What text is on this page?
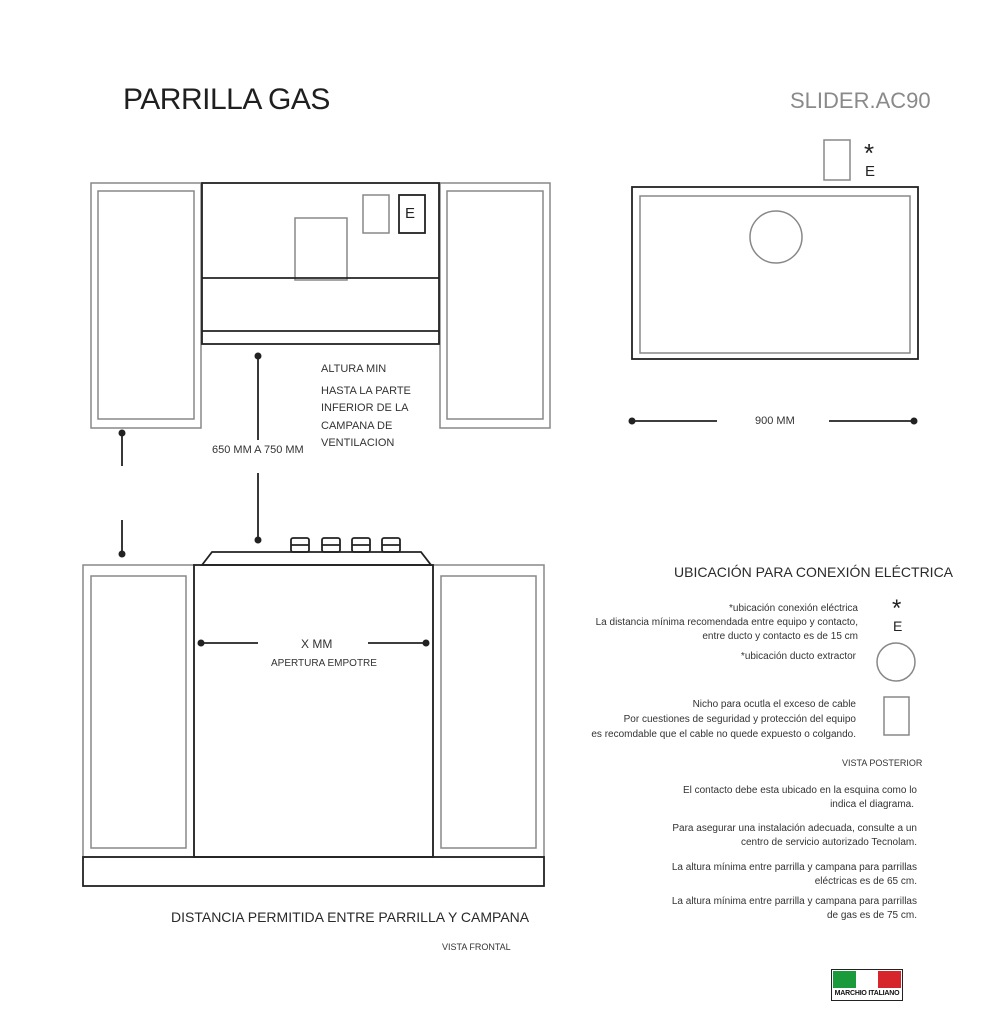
PARRILLA GAS	SLIDER.AC90
E
ALTURA MIN
HASTA LA PARTE
INFERIOR DE LA
CAMPANA DE
VENTILACION
650 MM A 750 MM
X MM
APERTURA EMPOTRE
DISTANCIA PERMITIDA ENTRE PARRILLA Y CAMPANA
VISTA FRONTAL
*
E
900 MM
UBICACIÓN PARA CONEXIÓN ELÉCTRICA
*ubicación conexión eléctrica
La distancia mínima recomendada entre equipo y contacto,
entre ducto y contacto es de 15 cm
*
E
*ubicación ducto extractor
Nicho para ocutla el exceso de cable
Por cuestiones de seguridad y protección del equipo
es recomdable que el cable no quede expuesto o colgando.
VISTA POSTERIOR
El contacto debe esta ubicado en la esquina como lo
indica el diagrama.
Para asegurar una instalación adecuada, consulte a un
centro de servicio autorizado Tecnolam.
La altura mínima entre parrilla y campana para parrillas
eléctricas es de 65 cm.
La altura mínima entre parrilla y campana para parrillas
de gas es de 75 cm.
MARCHIO ITALIANO
